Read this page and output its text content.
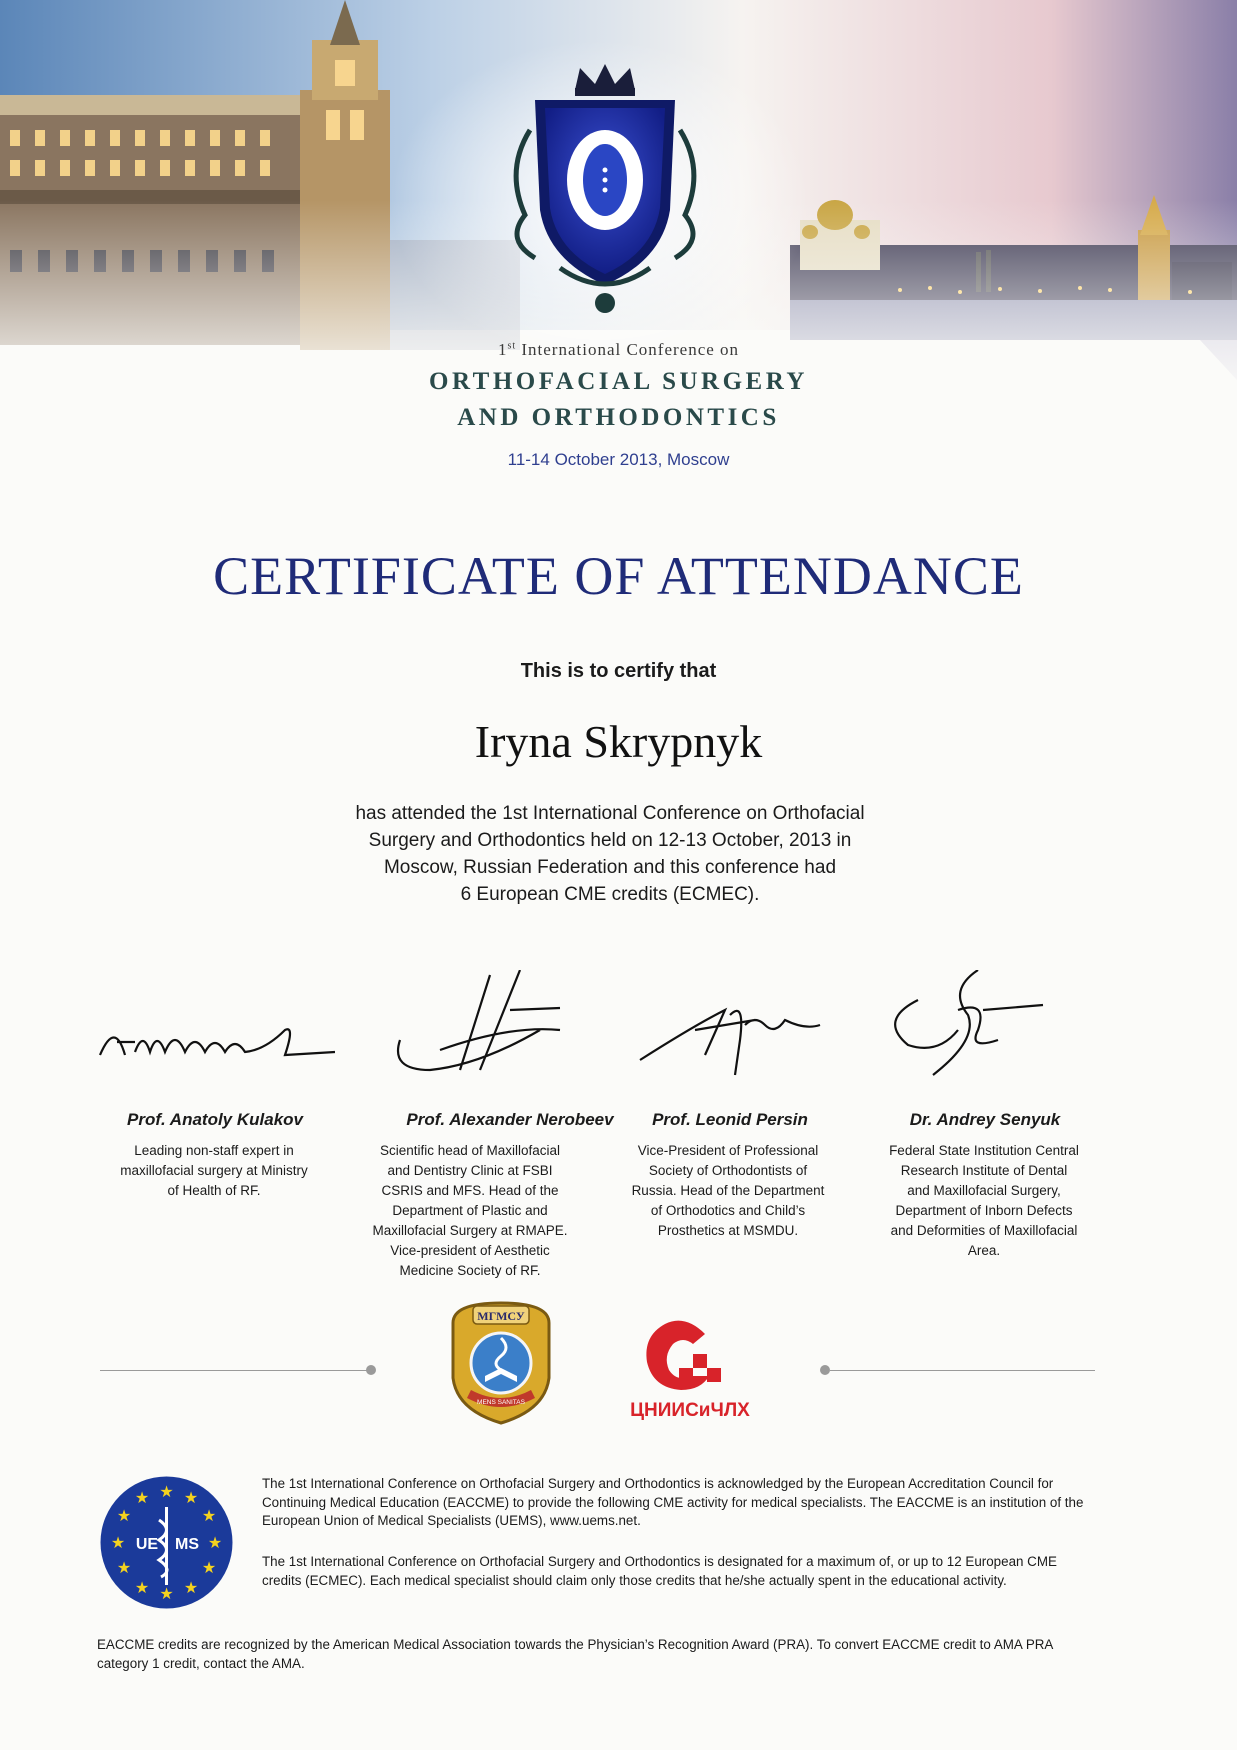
1st International Conference on
ORTHOFACIAL SURGERY
AND ORTHODONTICS
11-14 October 2013, Moscow
CERTIFICATE OF ATTENDANCE
This is to certify that
Iryna Skrypnyk
has attended the 1st International Conference on Orthofacial
Surgery and Orthodontics held on 12-13 October, 2013 in
Moscow, Russian Federation and this conference had
6 European CME credits (ECMEC).
Prof. Anatoly Kulakov	Prof. Alexander Nerobeev	Prof. Leonid Persin	Dr. Andrey Senyuk
Leading non-staff expert in
maxillofacial surgery at Ministry
of Health of RF.
Scientific head of Maxillofacial
and Dentistry Clinic at FSBI
CSRIS and MFS. Head of the
Department of Plastic and
Maxillofacial Surgery at RMAPE.
Vice-president of Aesthetic
Medicine Society of RF.
Vice-President of Professional
Society of Orthodontists of
Russia. Head of the Department
of Orthodotics and Child’s
Prosthetics at MSMDU.
Federal State Institution Central
Research Institute of Dental
and Maxillofacial Surgery,
Department of Inborn Defects
and Deformities of Maxillofacial
Area.
МГМСУ
MENS SANITAS	ЦНИИСиЧЛХ
★ ★
★
★
★
★
★
★
★
★
★
★
UE MS
The 1st International Conference on Orthofacial Surgery and Orthodontics is acknowledged by the European Accreditation Council for Continuing Medical Education (EACCME) to provide the following CME activity for medical specialists. The EACCME is an institution of the European Union of Medical Specialists (UEMS), www.uems.net.
The 1st International Conference on Orthofacial Surgery and Orthodontics is designated for a maximum of, or up to 12 European CME credits (ECMEC). Each medical specialist should claim only those credits that he/she actually spent in the educational activity.
EACCME credits are recognized by the American Medical Association towards the Physician’s Recognition Award (PRA). To convert EACCME credit to AMA PRA category 1 credit, contact the AMA.
